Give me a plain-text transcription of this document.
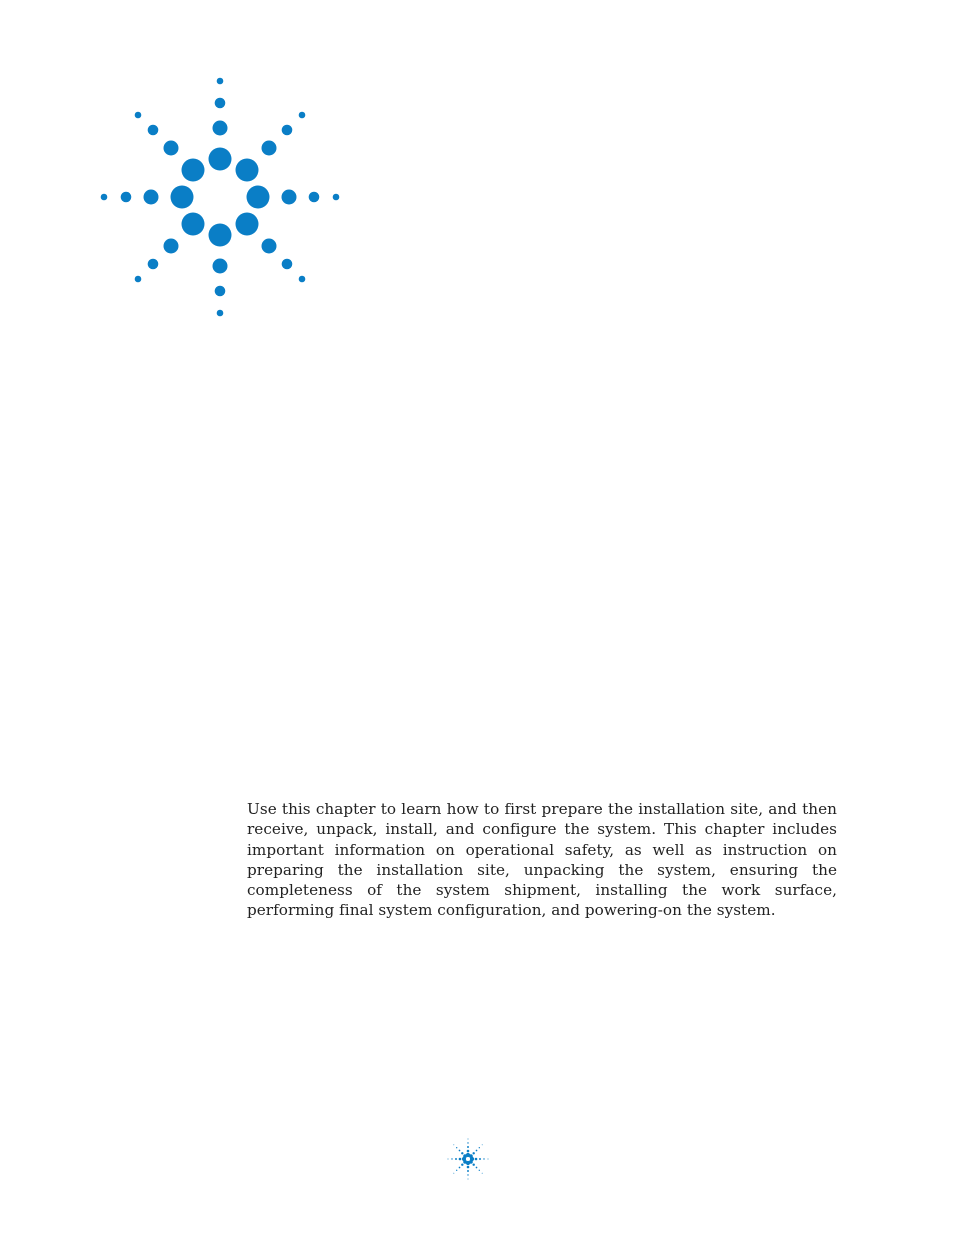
Use this chapter to learn how to first prepare the installation site, and then receive, unpack, install, and configure the system. This chapter includes important information on operational safety, as well as instruction on preparing the installation site, unpacking the system, ensuring the completeness of the system shipment, installing the work surface, performing final system configuration, and powering-on the system.
